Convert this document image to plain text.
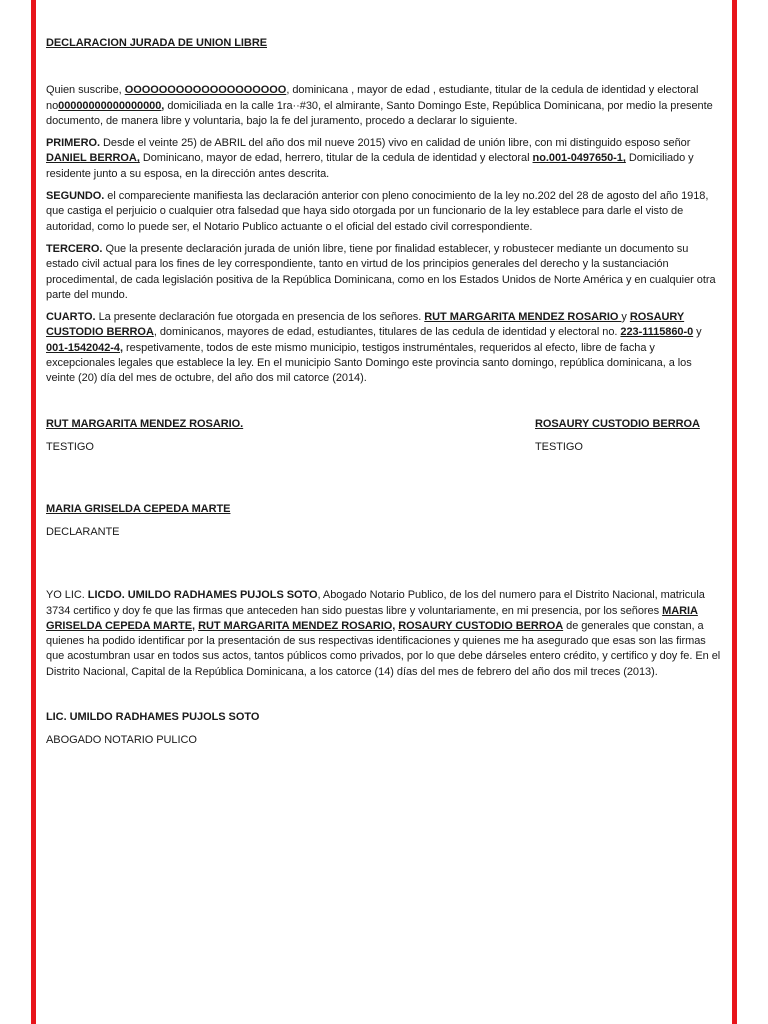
DECLARACION JURADA DE UNION LIBRE

Quien suscribe, OOOOOOOOOOOOOOOOOOO, dominicana , mayor de edad , estudiante, titular de la cedula de identidad y electoral no00000000000000000, domiciliada en la calle 1ra··#30, el almirante, Santo Domingo Este, República Dominicana, por medio la presente documento, de manera libre y voluntaria, bajo la fe del juramento, procedo a declarar lo siguiente.

PRIMERO. Desde el veinte 25) de ABRIL del año dos mil nueve 2015) vivo en calidad de unión libre, con mi distinguido esposo señor DANIEL BERROA, Dominicano, mayor de edad, herrero, titular de la cedula de identidad y electoral no.001-0497650-1, Domiciliado y residente junto a su esposa, en la dirección antes descrita.

SEGUNDO. el compareciente manifiesta las declaración anterior con pleno conocimiento de la ley no.202 del 28 de agosto del año 1918, que castiga el perjuicio o cualquier otra falsedad que haya sido otorgada por un funcionario de la ley establece para darle el visto de autoridad, como lo puede ser, el Notario Publico actuante o el oficial del estado civil correspondiente.

TERCERO. Que la presente declaración jurada de unión libre, tiene por finalidad establecer, y robustecer mediante un documento su estado civil actual para los fines de ley correspondiente, tanto en virtud de los principios generales del derecho y la sustanciación procedimental, de cada legislación positiva de la República Dominicana, como en los Estados Unidos de Norte América y en cualquier otra parte del mundo.

CUARTO. La presente declaración fue otorgada en presencia de los señores. RUT MARGARITA MENDEZ ROSARIO y ROSAURY CUSTODIO BERROA, dominicanos, mayores de edad, estudiantes, titulares de las cedula de identidad y electoral no. 223-1115860-0 y 001-1542042-4, respetivamente, todos de este mismo municipio, testigos instruméntales, requeridos al efecto, libre de facha y excepcionales legales que establece la ley. En el municipio Santo Domingo este provincia santo domingo, república dominicana, a los veinte (20) día del mes de octubre, del año dos mil catorce (2014).

RUT MARGARITA MENDEZ ROSARIO.	ROSAURY CUSTODIO BERROA
TESTIGO	TESTIGO

MARIA GRISELDA CEPEDA MARTE

DECLARANTE

YO LIC. LICDO. UMILDO RADHAMES PUJOLS SOTO, Abogado Notario Publico, de los del numero para el Distrito Nacional, matricula 3734 certifico y doy fe que las firmas que anteceden han sido puestas libre y voluntariamente, en mi presencia, por los señores MARIA GRISELDA CEPEDA MARTE, RUT MARGARITA MENDEZ ROSARIO, ROSAURY CUSTODIO BERROA de generales que constan, a quienes ha podido identificar por la presentación de sus respectivas identificaciones y quienes me ha asegurado que esas son las firmas que acostumbran usar en todos sus actos, tantos públicos como privados, por lo que debe dárseles entero crédito, y certifico y doy fe. En el Distrito Nacional, Capital de la República Dominicana, a los catorce (14) días del mes de febrero del año dos mil treces (2013).

LIC. UMILDO RADHAMES PUJOLS SOTO

ABOGADO NOTARIO PULICO
